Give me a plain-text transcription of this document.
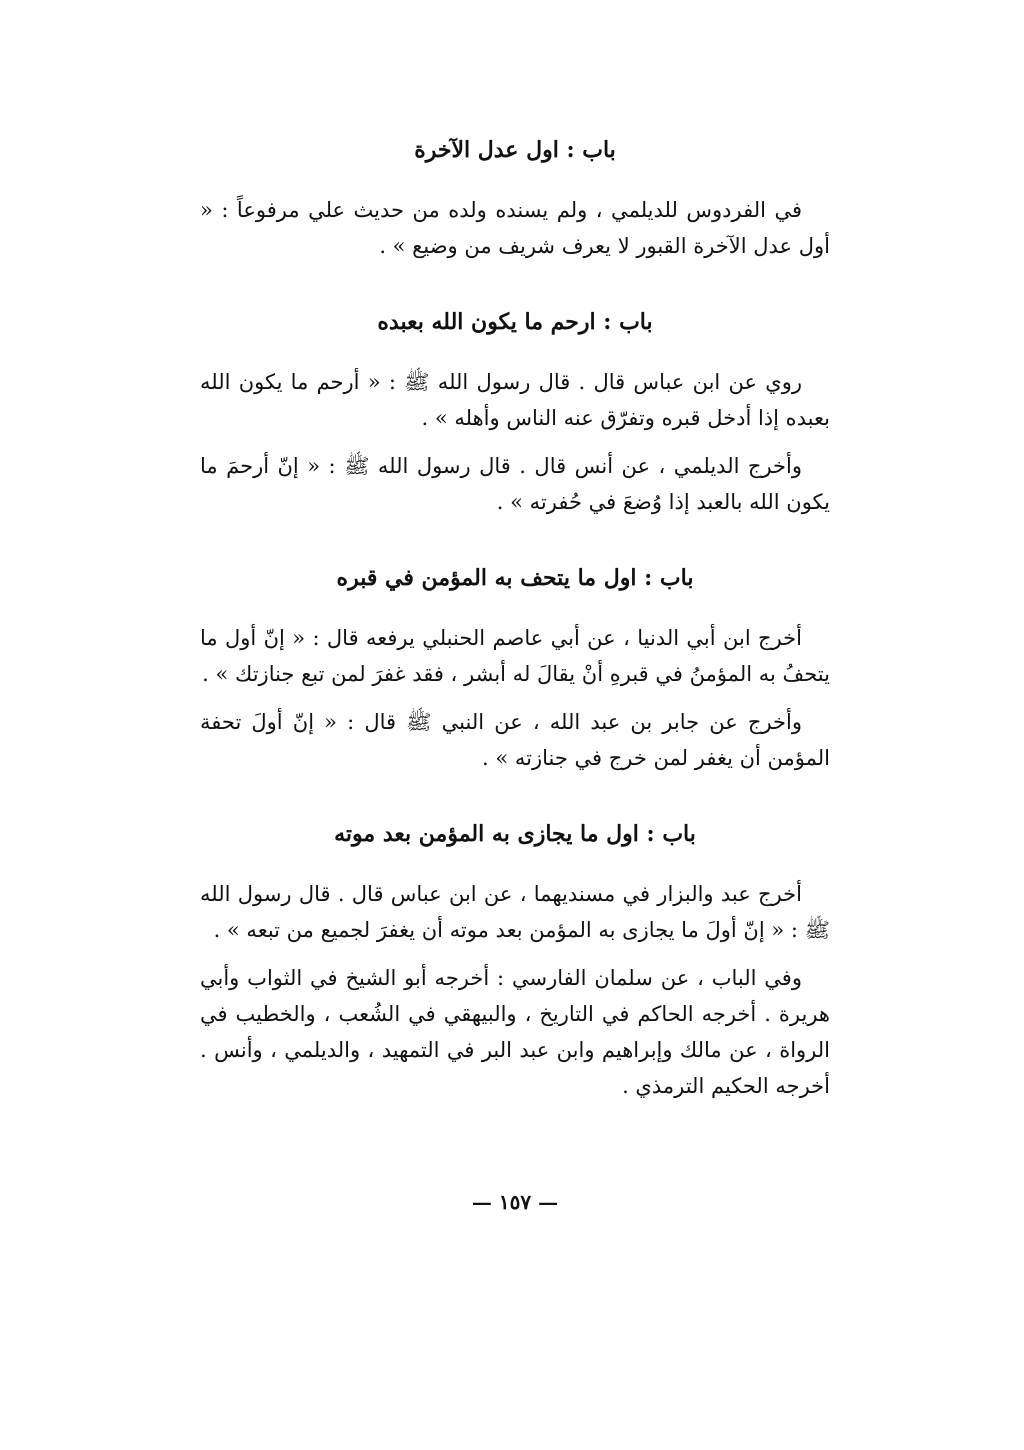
باب : اول عدل الآخرة

في الفردوس للديلمي ، ولم يسنده ولده من حديث علي مرفوعاً : « أول عدل الآخرة القبور لا يعرف شريف من وضيع » .

باب : ارحم ما يكون الله بعبده

روي عن ابن عباس قال . قال رسول الله ﷺ : « أرحم ما يكون الله بعبده إذا أدخل قبره وتفرّق عنه الناس وأهله » .

وأخرج الديلمي ، عن أنس قال . قال رسول الله ﷺ : « إنّ أرحمَ ما يكون الله بالعبد إذا وُضعَ في حُفرته » .

باب : اول ما يتحف به المؤمن في قبره

أخرج ابن أبي الدنيا ، عن أبي عاصم الحنبلي يرفعه قال : « إنّ أول ما يتحفُ به المؤمنُ في قبرهِ أنْ يقالَ له أبشر ، فقد غفرَ لمن تبع جنازتك » .

وأخرج عن جابر بن عبد الله ، عن النبي ﷺ قال : « إنّ أولَ تحفة المؤمن أن يغفر لمن خرج في جنازته » .

باب : اول ما يجازى به المؤمن بعد موته

أخرج عبد والبزار في مسنديهما ، عن ابن عباس قال . قال رسول الله ﷺ : « إنّ أولَ ما يجازى به المؤمن بعد موته أن يغفرَ لجميع من تبعه » .

وفي الباب ، عن سلمان الفارسي : أخرجه أبو الشيخ في الثواب وأبي هريرة . أخرجه الحاكم في التاريخ ، والبيهقي في الشُعب ، والخطيب في الرواة ، عن مالك وإبراهيم وابن عبد البر في التمهيد ، والديلمي ، وأنس . أخرجه الحكيم الترمذي .

— ١٥٧ —
